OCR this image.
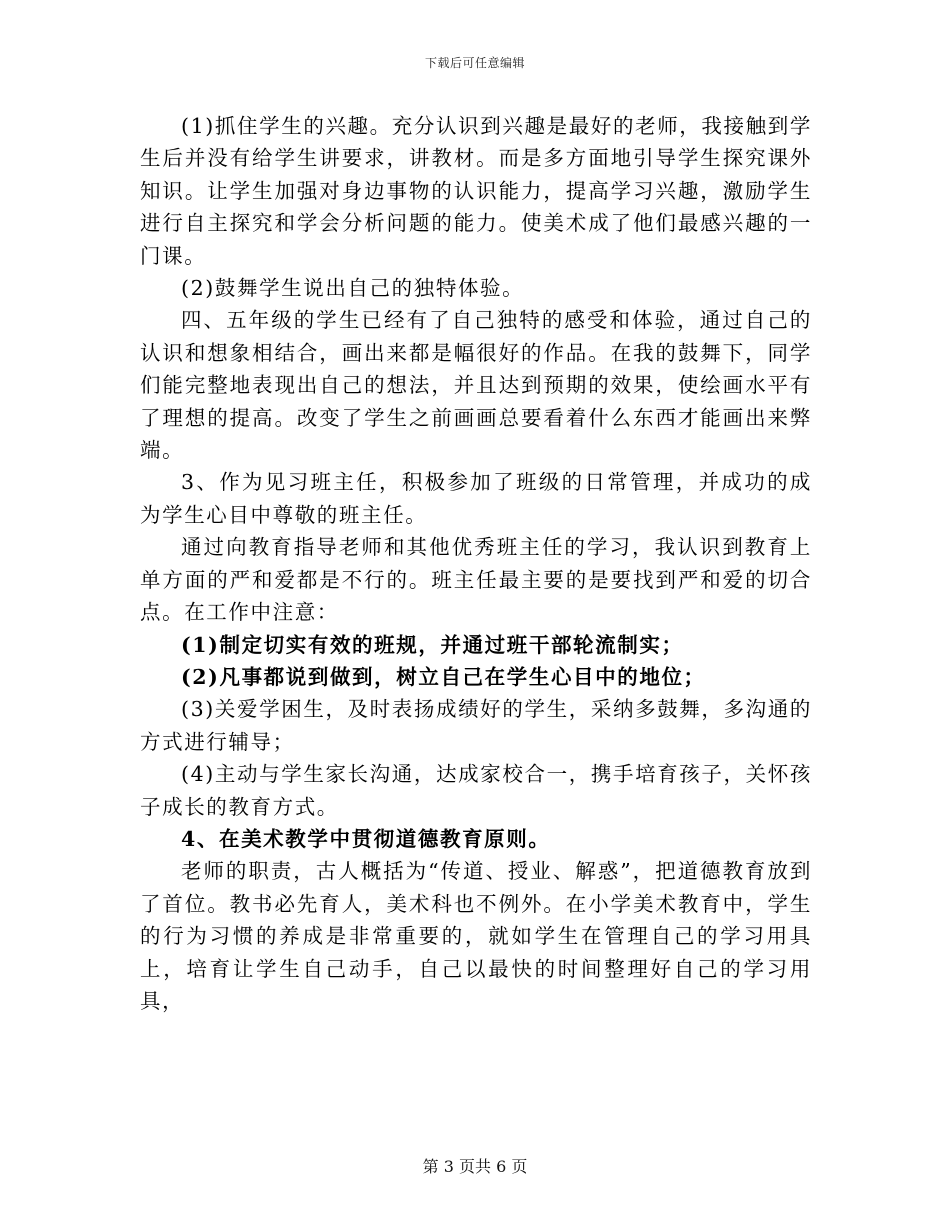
下载后可任意编辑

(1)抓住学生的兴趣。充分认识到兴趣是最好的老师，我接触到学生后并没有给学生讲要求，讲教材。而是多方面地引导学生探究课外知识。让学生加强对身边事物的认识能力，提高学习兴趣，激励学生进行自主探究和学会分析问题的能力。使美术成了他们最感兴趣的一门课。

(2)鼓舞学生说出自己的独特体验。

四、五年级的学生已经有了自己独特的感受和体验，通过自己的认识和想象相结合，画出来都是幅很好的作品。在我的鼓舞下，同学们能完整地表现出自己的想法，并且达到预期的效果，使绘画水平有了理想的提高。改变了学生之前画画总要看着什么东西才能画出来弊端。

3、作为见习班主任，积极参加了班级的日常管理，并成功的成为学生心目中尊敬的班主任。

通过向教育指导老师和其他优秀班主任的学习，我认识到教育上单方面的严和爱都是不行的。班主任最主要的是要找到严和爱的切合点。在工作中注意：

(1)制定切实有效的班规，并通过班干部轮流制实；

(2)凡事都说到做到，树立自己在学生心目中的地位；

(3)关爱学困生，及时表扬成绩好的学生，采纳多鼓舞，多沟通的方式进行辅导；

(4)主动与学生家长沟通，达成家校合一，携手培育孩子，关怀孩子成长的教育方式。

4、在美术教学中贯彻道德教育原则。

老师的职责，古人概括为“传道、授业、解惑”，把道德教育放到了首位。教书必先育人，美术科也不例外。在小学美术教育中，学生的行为习惯的养成是非常重要的，就如学生在管理自己的学习用具上，培育让学生自己动手，自己以最快的时间整理好自己的学习用具，

第 3 页共 6 页
